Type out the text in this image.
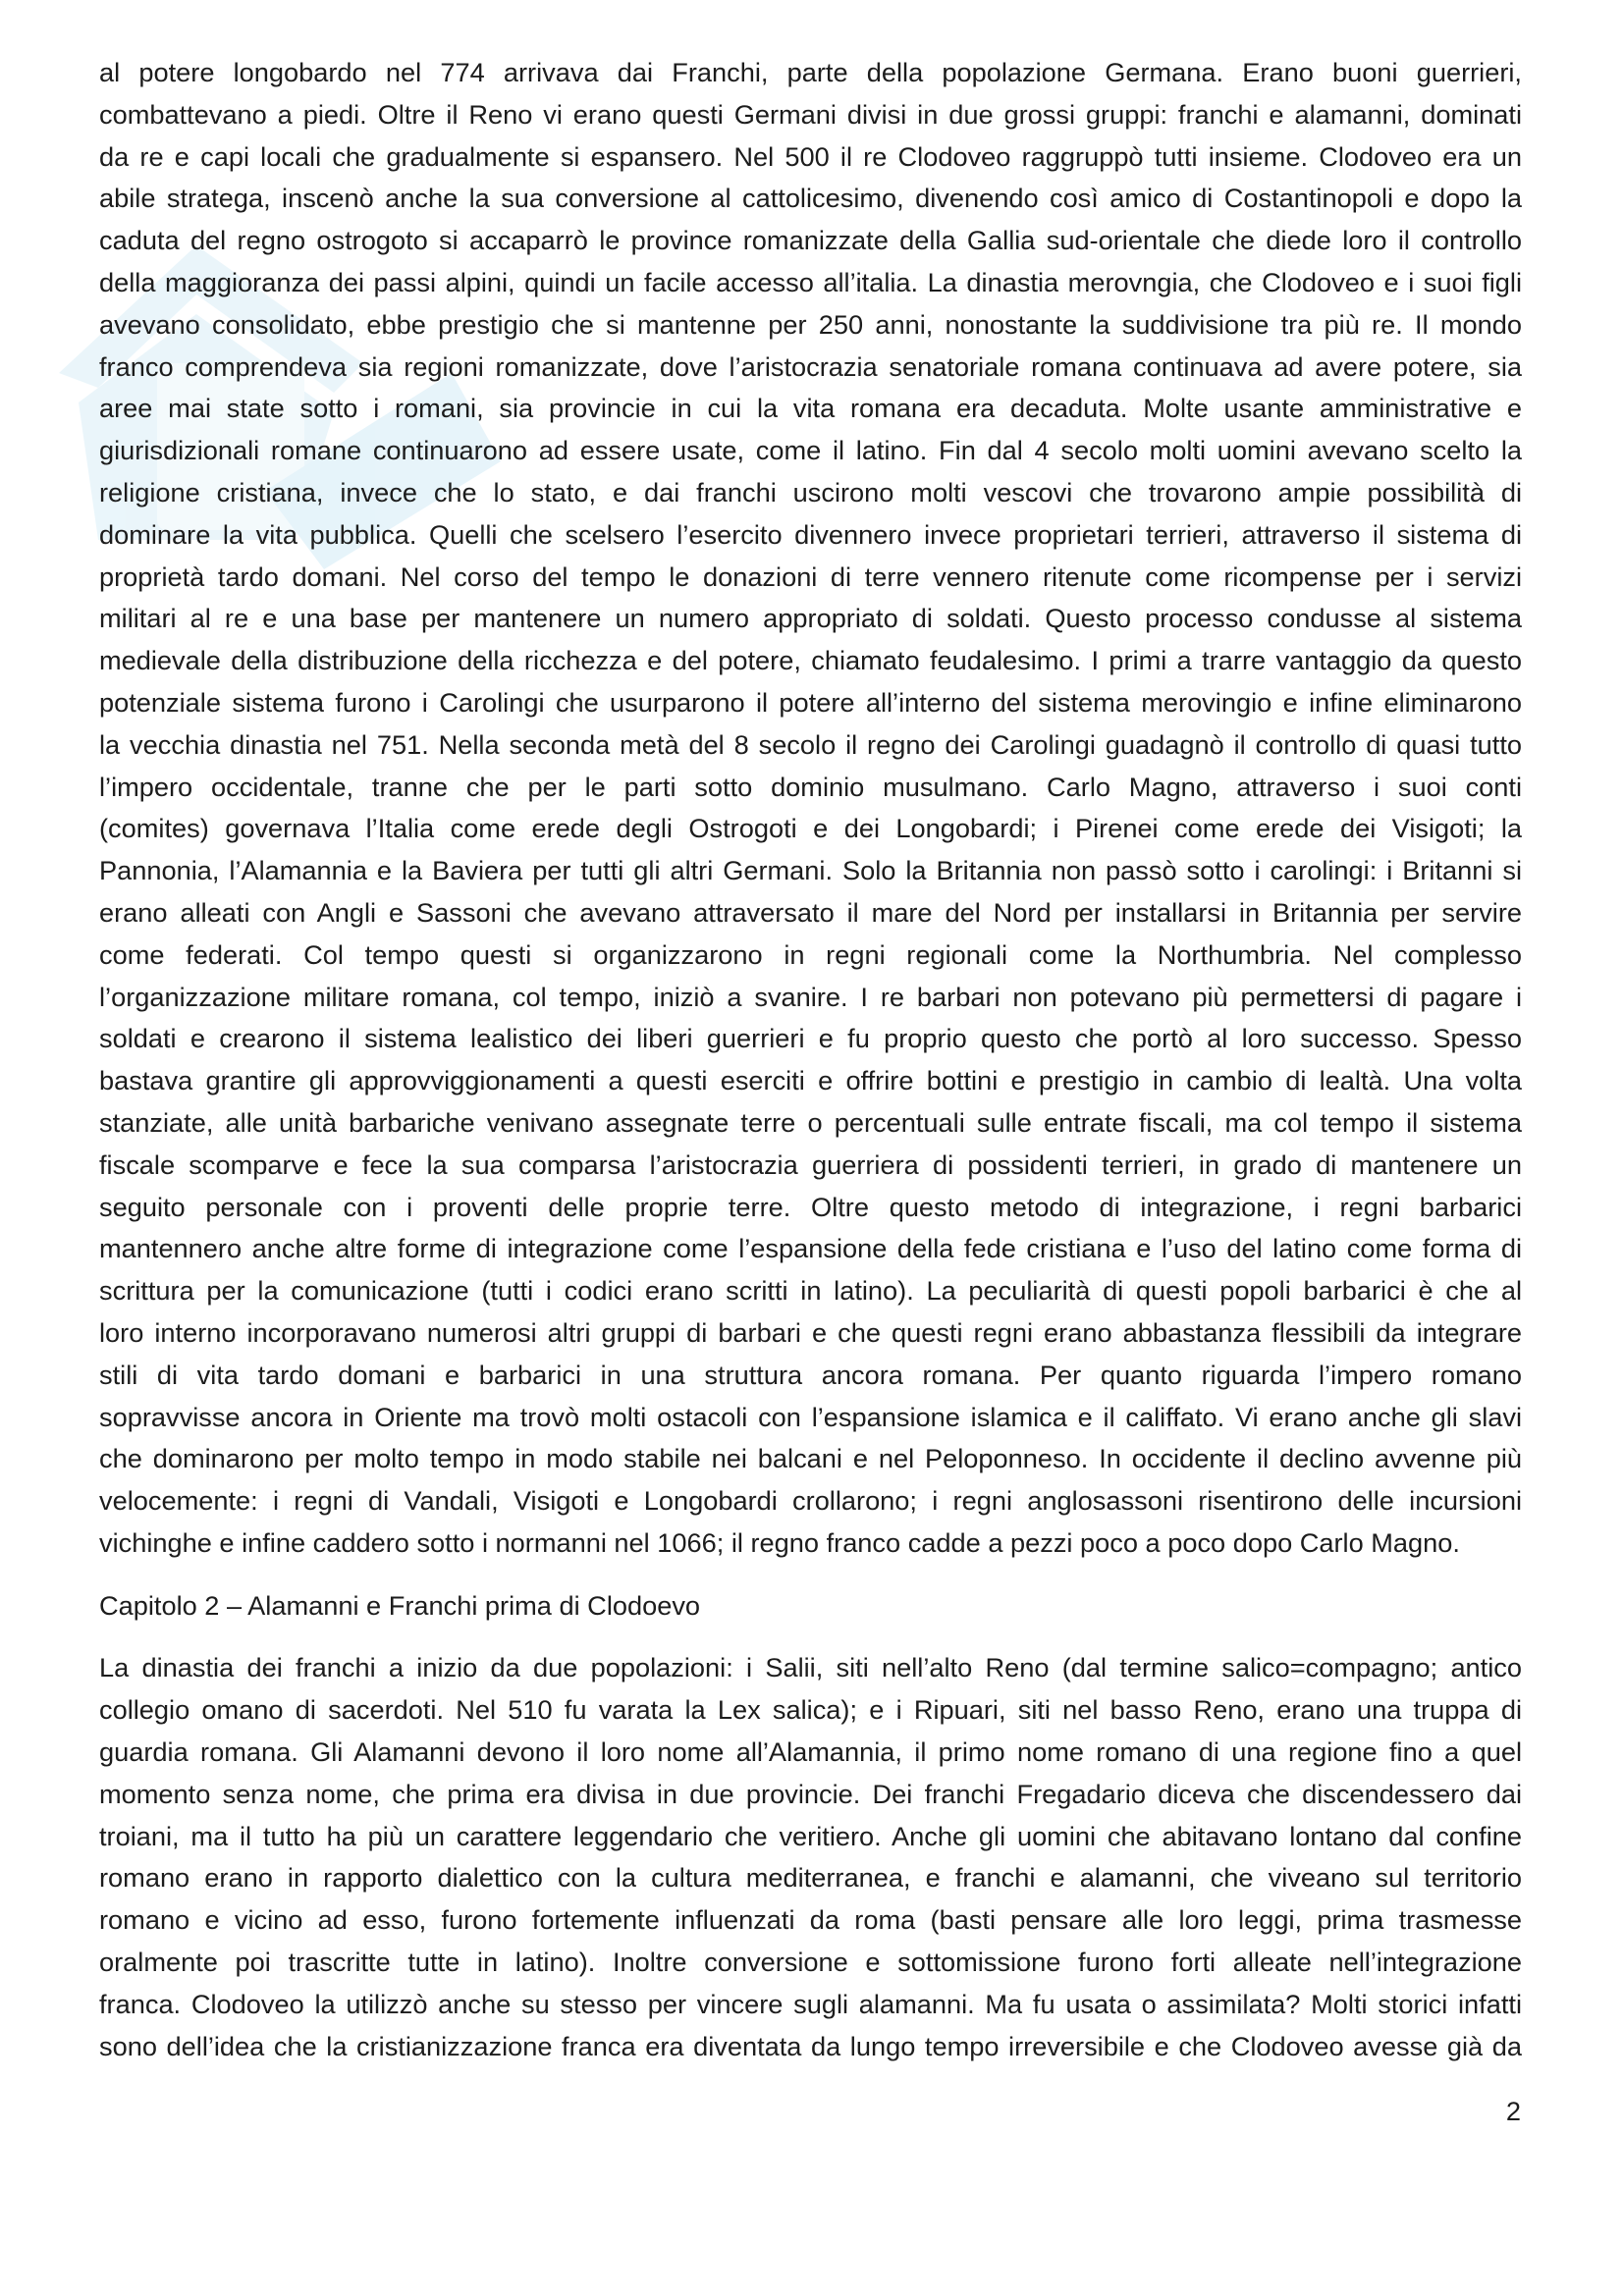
al potere longobardo nel 774 arrivava dai Franchi, parte della popolazione Germana. Erano buoni guerrieri,
combattevano a piedi. Oltre il Reno vi erano questi Germani divisi in due grossi gruppi: franchi e alamanni, dominati
da re e capi locali che gradualmente si espansero. Nel 500 il re Clodoveo raggruppò tutti insieme. Clodoveo era un
abile stratega, inscenò anche la sua conversione al cattolicesimo, divenendo così amico di Costantinopoli e dopo la
caduta del regno ostrogoto si accaparrò le province romanizzate della Gallia sud-orientale che diede loro il controllo
della maggioranza dei passi alpini, quindi un facile accesso all’italia. La dinastia merovngia, che Clodoveo e i suoi figli
avevano consolidato, ebbe prestigio che si mantenne per 250 anni, nonostante la suddivisione tra più re. Il mondo
franco comprendeva sia regioni romanizzate, dove l’aristocrazia senatoriale romana continuava ad avere potere, sia
aree mai state sotto i romani, sia provincie in cui la vita romana era decaduta. Molte usante amministrative e
giurisdizionali romane continuarono ad essere usate, come il latino. Fin dal 4 secolo molti uomini avevano scelto la
religione cristiana, invece che lo stato, e dai franchi uscirono molti vescovi che trovarono ampie possibilità di
dominare la vita pubblica. Quelli che scelsero l’esercito divennero invece proprietari terrieri, attraverso il sistema di
proprietà tardo domani. Nel corso del tempo le donazioni di terre vennero ritenute come ricompense per i servizi
militari al re e una base per mantenere un numero appropriato di soldati. Questo processo condusse al sistema
medievale della distribuzione della ricchezza e del potere, chiamato feudalesimo. I primi a trarre vantaggio da questo
potenziale sistema furono i Carolingi che usurparono il potere all’interno del sistema merovingio e infine eliminarono
la vecchia dinastia nel 751. Nella seconda metà del 8 secolo il regno dei Carolingi guadagnò il controllo di quasi tutto
l’impero occidentale, tranne che per le parti sotto dominio musulmano. Carlo Magno, attraverso i suoi conti
(comites) governava l’Italia come erede degli Ostrogoti e dei Longobardi; i Pirenei come erede dei Visigoti; la
Pannonia, l’Alamannia e la Baviera per tutti gli altri Germani. Solo la Britannia non passò sotto i carolingi: i Britanni si
erano alleati con Angli e Sassoni che avevano attraversato il mare del Nord per installarsi in Britannia per servire
come federati. Col tempo questi si organizzarono in regni regionali come la Northumbria. Nel complesso
l’organizzazione militare romana, col tempo, iniziò a svanire. I re barbari non potevano più permettersi di pagare i
soldati e crearono il sistema lealistico dei liberi guerrieri e fu proprio questo che portò al loro successo. Spesso
bastava grantire gli approvviggionamenti a questi eserciti e offrire bottini e prestigio in cambio di lealtà. Una volta
stanziate, alle unità barbariche venivano assegnate terre o percentuali sulle entrate fiscali, ma col tempo il sistema
fiscale scomparve e fece la sua comparsa l’aristocrazia guerriera di possidenti terrieri, in grado di mantenere un
seguito personale con i proventi delle proprie terre. Oltre questo metodo di integrazione, i regni barbarici
mantennero anche altre forme di integrazione come l’espansione della fede cristiana e l’uso del latino come forma di
scrittura per la comunicazione (tutti i codici erano scritti in latino). La peculiarità di questi popoli barbarici è che al
loro interno incorporavano numerosi altri gruppi di barbari e che questi regni erano abbastanza flessibili da integrare
stili di vita tardo domani e barbarici in una struttura ancora romana. Per quanto riguarda l’impero romano
sopravvisse ancora in Oriente ma trovò molti ostacoli con l’espansione islamica e il califfato. Vi erano anche gli slavi
che dominarono per molto tempo in modo stabile nei balcani e nel Peloponneso. In occidente il declino avvenne più
velocemente: i regni di Vandali, Visigoti e Longobardi crollarono; i regni anglosassoni risentirono delle incursioni
vichinghe e infine caddero sotto i normanni nel 1066; il regno franco cadde a pezzi poco a poco dopo Carlo Magno.
Capitolo 2 – Alamanni e Franchi prima di Clodoevo
La dinastia dei franchi a inizio da due popolazioni: i Salii, siti nell’alto Reno (dal termine salico=compagno; antico
collegio omano di sacerdoti. Nel 510 fu varata la Lex salica); e i Ripuari, siti nel basso Reno, erano una truppa di
guardia romana. Gli Alamanni devono il loro nome all’Alamannia, il primo nome romano di una regione fino a quel
momento senza nome, che prima era divisa in due provincie. Dei franchi Fregadario diceva che discendessero dai
troiani, ma il tutto ha più un carattere leggendario che veritiero. Anche gli uomini che abitavano lontano dal confine
romano erano in rapporto dialettico con la cultura mediterranea, e franchi e alamanni, che viveano sul territorio
romano e vicino ad esso, furono fortemente influenzati da roma (basti pensare alle loro leggi, prima trasmesse
oralmente poi trascritte tutte in latino). Inoltre conversione e sottomissione furono forti alleate nell’integrazione
franca. Clodoveo la utilizzò anche su stesso per vincere sugli alamanni. Ma fu usata o assimilata? Molti storici infatti
sono dell’idea che la cristianizzazione franca era diventata da lungo tempo irreversibile e che Clodoveo avesse già da
2
